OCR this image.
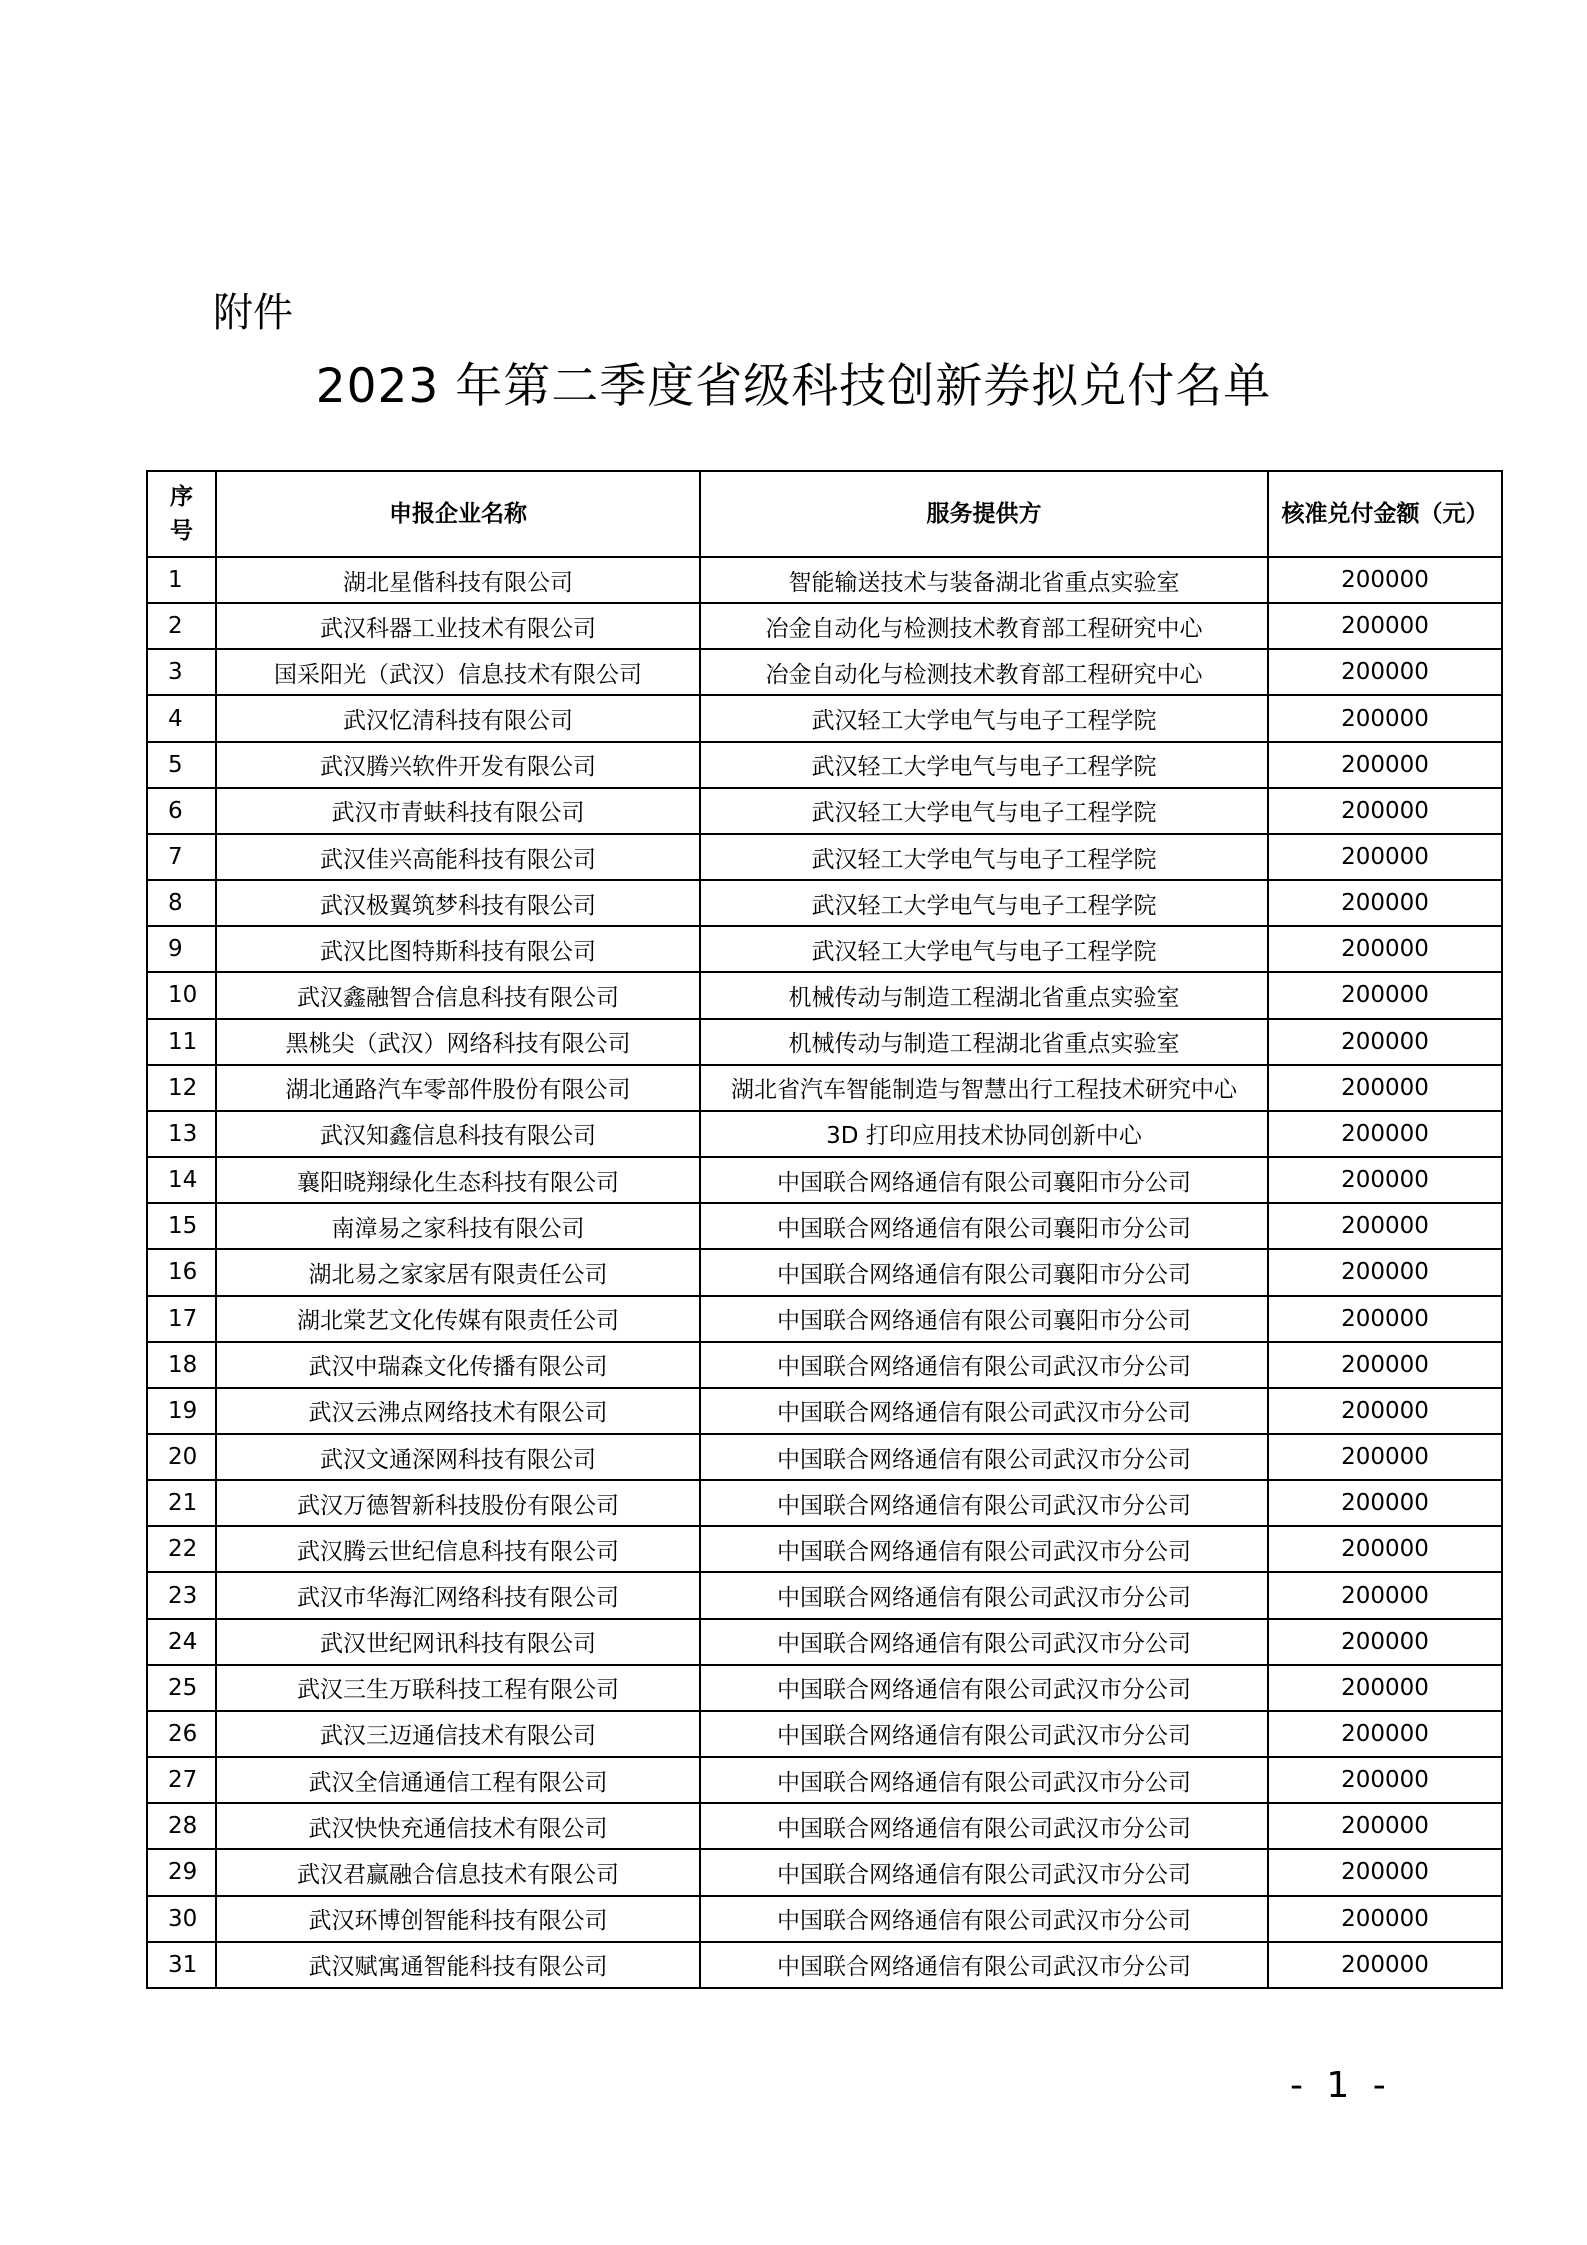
附件
2023 年第二季度省级科技创新券拟兑付名单
序
号	申报企业名称	服务提供方	核准兑付金额（元）
1	湖北星偕科技有限公司	智能输送技术与装备湖北省重点实验室	200000
2	武汉科器工业技术有限公司	冶金自动化与检测技术教育部工程研究中心	200000
3	国采阳光（武汉）信息技术有限公司	冶金自动化与检测技术教育部工程研究中心	200000
4	武汉忆清科技有限公司	武汉轻工大学电气与电子工程学院	200000
5	武汉腾兴软件开发有限公司	武汉轻工大学电气与电子工程学院	200000
6	武汉市青蚨科技有限公司	武汉轻工大学电气与电子工程学院	200000
7	武汉佳兴高能科技有限公司	武汉轻工大学电气与电子工程学院	200000
8	武汉极翼筑梦科技有限公司	武汉轻工大学电气与电子工程学院	200000
9	武汉比图特斯科技有限公司	武汉轻工大学电气与电子工程学院	200000
10	武汉鑫融智合信息科技有限公司	机械传动与制造工程湖北省重点实验室	200000
11	黑桃尖（武汉）网络科技有限公司	机械传动与制造工程湖北省重点实验室	200000
12	湖北通路汽车零部件股份有限公司	湖北省汽车智能制造与智慧出行工程技术研究中心	200000
13	武汉知鑫信息科技有限公司	3D 打印应用技术协同创新中心	200000
14	襄阳晓翔绿化生态科技有限公司	中国联合网络通信有限公司襄阳市分公司	200000
15	南漳易之家科技有限公司	中国联合网络通信有限公司襄阳市分公司	200000
16	湖北易之家家居有限责任公司	中国联合网络通信有限公司襄阳市分公司	200000
17	湖北棠艺文化传媒有限责任公司	中国联合网络通信有限公司襄阳市分公司	200000
18	武汉中瑞森文化传播有限公司	中国联合网络通信有限公司武汉市分公司	200000
19	武汉云沸点网络技术有限公司	中国联合网络通信有限公司武汉市分公司	200000
20	武汉文通深网科技有限公司	中国联合网络通信有限公司武汉市分公司	200000
21	武汉万德智新科技股份有限公司	中国联合网络通信有限公司武汉市分公司	200000
22	武汉腾云世纪信息科技有限公司	中国联合网络通信有限公司武汉市分公司	200000
23	武汉市华海汇网络科技有限公司	中国联合网络通信有限公司武汉市分公司	200000
24	武汉世纪网讯科技有限公司	中国联合网络通信有限公司武汉市分公司	200000
25	武汉三生万联科技工程有限公司	中国联合网络通信有限公司武汉市分公司	200000
26	武汉三迈通信技术有限公司	中国联合网络通信有限公司武汉市分公司	200000
27	武汉全信通通信工程有限公司	中国联合网络通信有限公司武汉市分公司	200000
28	武汉快快充通信技术有限公司	中国联合网络通信有限公司武汉市分公司	200000
29	武汉君赢融合信息技术有限公司	中国联合网络通信有限公司武汉市分公司	200000
30	武汉环博创智能科技有限公司	中国联合网络通信有限公司武汉市分公司	200000
31	武汉赋寓通智能科技有限公司	中国联合网络通信有限公司武汉市分公司	200000
- 1 -
